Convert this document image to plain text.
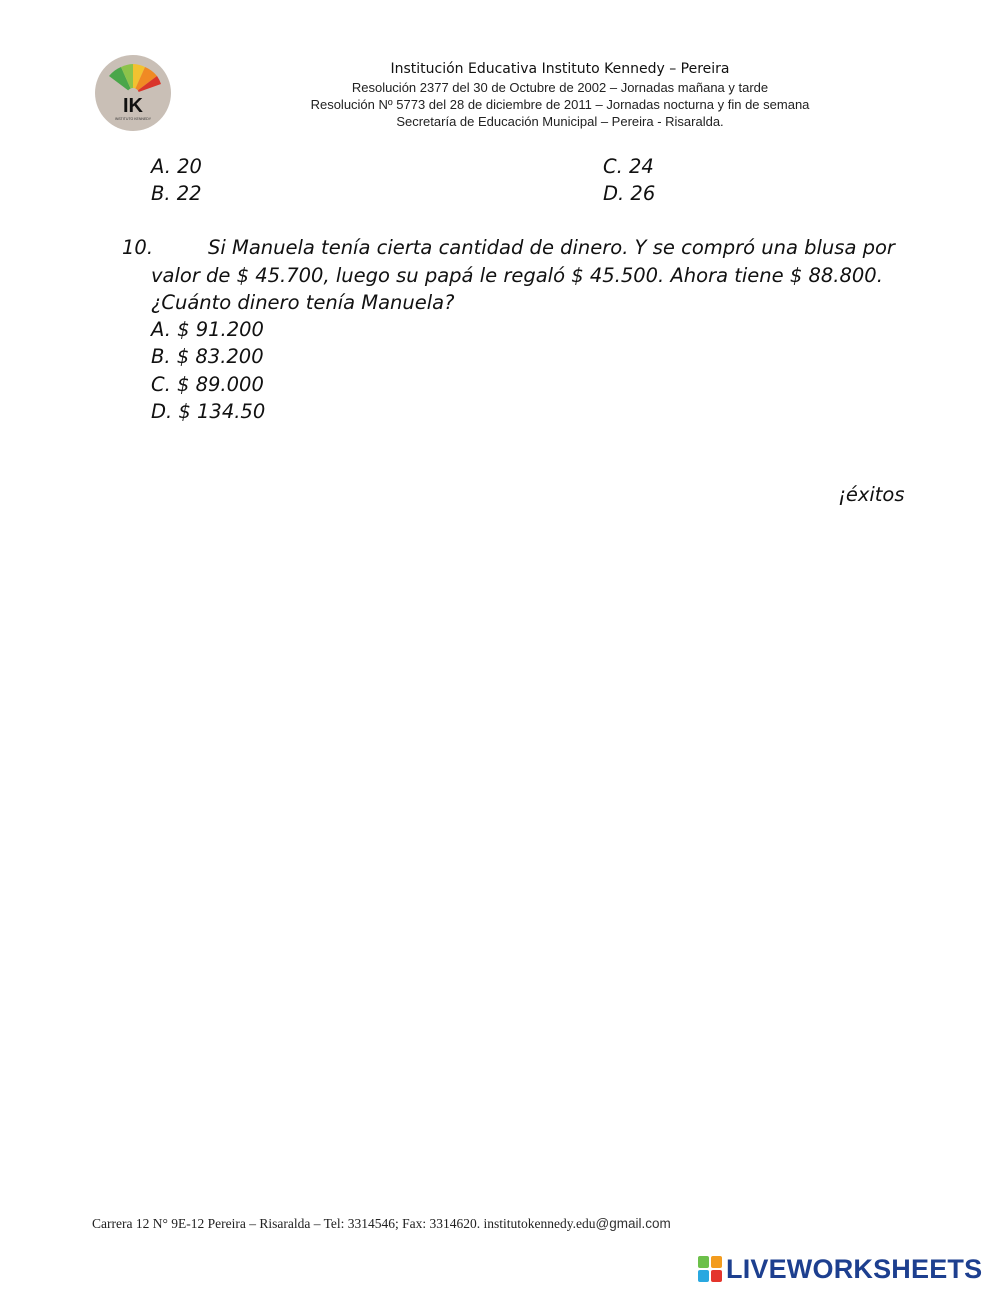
IK
INSTITUTO KENNEDY
Institución Educativa Instituto Kennedy – Pereira
Resolución 2377 del 30 de Octubre de 2002 – Jornadas mañana y tarde
Resolución Nº 5773 del 28 de diciembre de 2011 – Jornadas nocturna y fin de semana
Secretaría de Educación Municipal – Pereira - Risaralda.
A. 20
B. 22
C. 24
D. 26
10.	Si Manuela tenía cierta cantidad de dinero. Y se compró una blusa por
valor de $ 45.700, luego su papá le regaló $ 45.500. Ahora tiene $ 88.800.
¿Cuánto dinero tenía Manuela?
A. $ 91.200
B. $ 83.200
C. $ 89.000
D. $ 134.50
¡éxitos
Carrera 12 N° 9E-12 Pereira – Risaralda – Tel: 3314546; Fax: 3314620. institutokennedy.edu@gmail.com
LIVEWORKSHEETS
